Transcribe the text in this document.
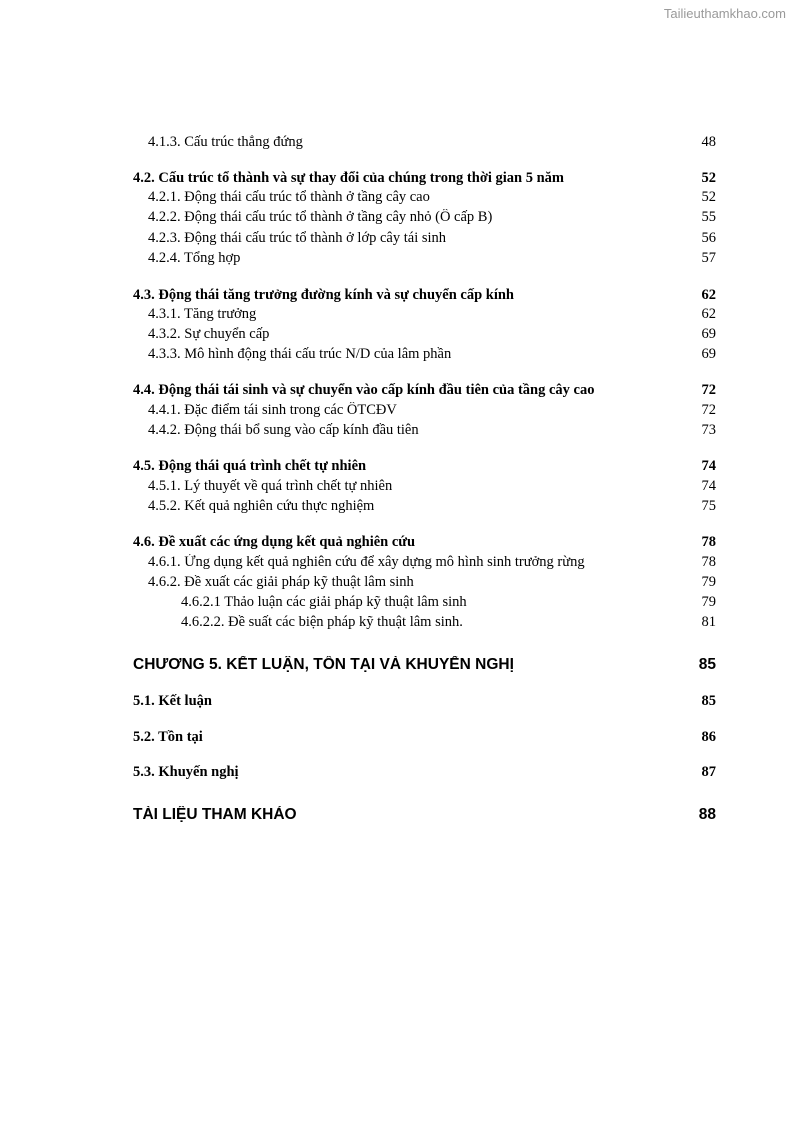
Tailieuthamkhao.com
4.1.3. Cấu trúc thẳng đứng	48
4.2. Cấu trúc tổ thành và sự thay đổi của chúng trong thời gian 5 năm	52
4.2.1. Động thái cấu trúc tổ thành ở tầng cây cao	52
4.2.2. Động thái cấu trúc tổ thành ở tầng cây nhỏ (Ô cấp B)	55
4.2.3. Động thái cấu trúc tổ thành ở lớp cây tái sinh	56
4.2.4. Tổng hợp	57
4.3. Động thái tăng trưởng đường kính và sự chuyển cấp kính	62
4.3.1. Tăng trưởng	62
4.3.2. Sự chuyển cấp	69
4.3.3. Mô hình động thái cấu trúc N/D của lâm phần	69
4.4. Động thái tái sinh và sự chuyển vào cấp kính đầu tiên của tầng cây cao	72
4.4.1. Đặc điểm tái sinh trong các ÔTCĐV	72
4.4.2. Động thái bổ sung vào cấp kính đầu tiên	73
4.5. Động thái quá trình chết tự nhiên	74
4.5.1. Lý thuyết về quá trình chết tự nhiên	74
4.5.2. Kết quả nghiên cứu thực nghiệm	75
4.6. Đề xuất các ứng dụng kết quả nghiên cứu	78
4.6.1. Ứng dụng kết quả nghiên cứu để xây dựng mô hình sinh trưởng rừng	78
4.6.2. Đề xuất các giải pháp kỹ thuật lâm sinh	79
4.6.2.1 Thảo luận các giải pháp kỹ thuật lâm sinh	79
4.6.2.2. Đề suất các biện pháp kỹ thuật lâm sinh.	81
CHƯƠNG 5. KẾT LUẬN, TỒN TẠI VÀ KHUYẾN NGHỊ	85
5.1. Kết luận	85
5.2. Tồn tại	86
5.3. Khuyến nghị	87
TÀI LIỆU THAM KHẢO	88
